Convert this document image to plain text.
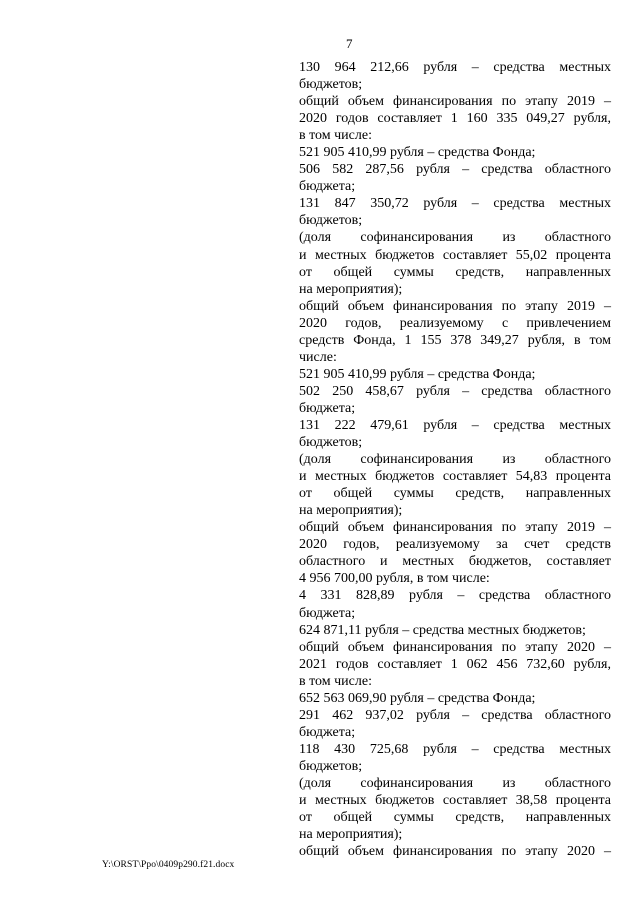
7
130 964 212,66 рубля – средства местных
бюджетов;
общий объем финансирования по этапу 2019 –
2020 годов составляет 1 160 335 049,27 рубля,
в том числе:
521 905 410,99 рубля – средства Фонда;
506 582 287,56 рубля – средства областного
бюджета;
131 847 350,72 рубля – средства местных
бюджетов;
(доля софинансирования из областного
и местных бюджетов составляет 55,02 процента
от общей суммы средств, направленных
на мероприятия);
общий объем финансирования по этапу 2019 –
2020 годов, реализуемому с привлечением
средств Фонда, 1 155 378 349,27 рубля, в том
числе:
521 905 410,99 рубля – средства Фонда;
502 250 458,67 рубля – средства областного
бюджета;
131 222 479,61 рубля – средства местных
бюджетов;
(доля софинансирования из областного
и местных бюджетов составляет 54,83 процента
от общей суммы средств, направленных
на мероприятия);
общий объем финансирования по этапу 2019 –
2020 годов, реализуемому за счет средств
областного и местных бюджетов, составляет
4 956 700,00 рубля, в том числе:
4 331 828,89 рубля – средства областного
бюджета;
624 871,11 рубля – средства местных бюджетов;
общий объем финансирования по этапу 2020 –
2021 годов составляет 1 062 456 732,60 рубля,
в том числе:
652 563 069,90 рубля – средства Фонда;
291 462 937,02 рубля – средства областного
бюджета;
118 430 725,68 рубля – средства местных
бюджетов;
(доля софинансирования из областного
и местных бюджетов составляет 38,58 процента
от общей суммы средств, направленных
на мероприятия);
общий объем финансирования по этапу 2020 –
Y:\ORST\Ppo\0409p290.f21.docx
